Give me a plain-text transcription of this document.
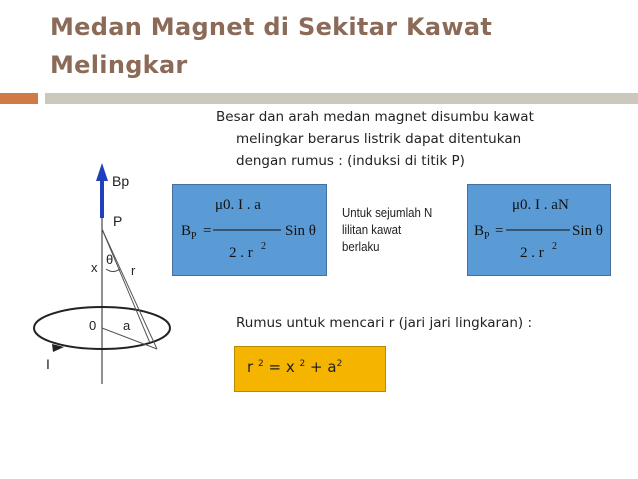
Medan Magnet di Sekitar Kawat Melingkar
Besar dan arah medan magnet disumbu kawat
melingkar berarus listrik dapat ditentukan
dengan rumus : (induksi di titik P)
Bp
P
x
θ
r
0 a
I
μ0. I . a
B P =	Sin θ
2 . r 2
Untuk sejumlah N
lilitan kawat
berlaku
μ0. I . aN
B P =	Sin θ
2 . r 2
Rumus untuk mencari r (jari jari lingkaran) :
r $^2$ = x $^2 + a^2$
